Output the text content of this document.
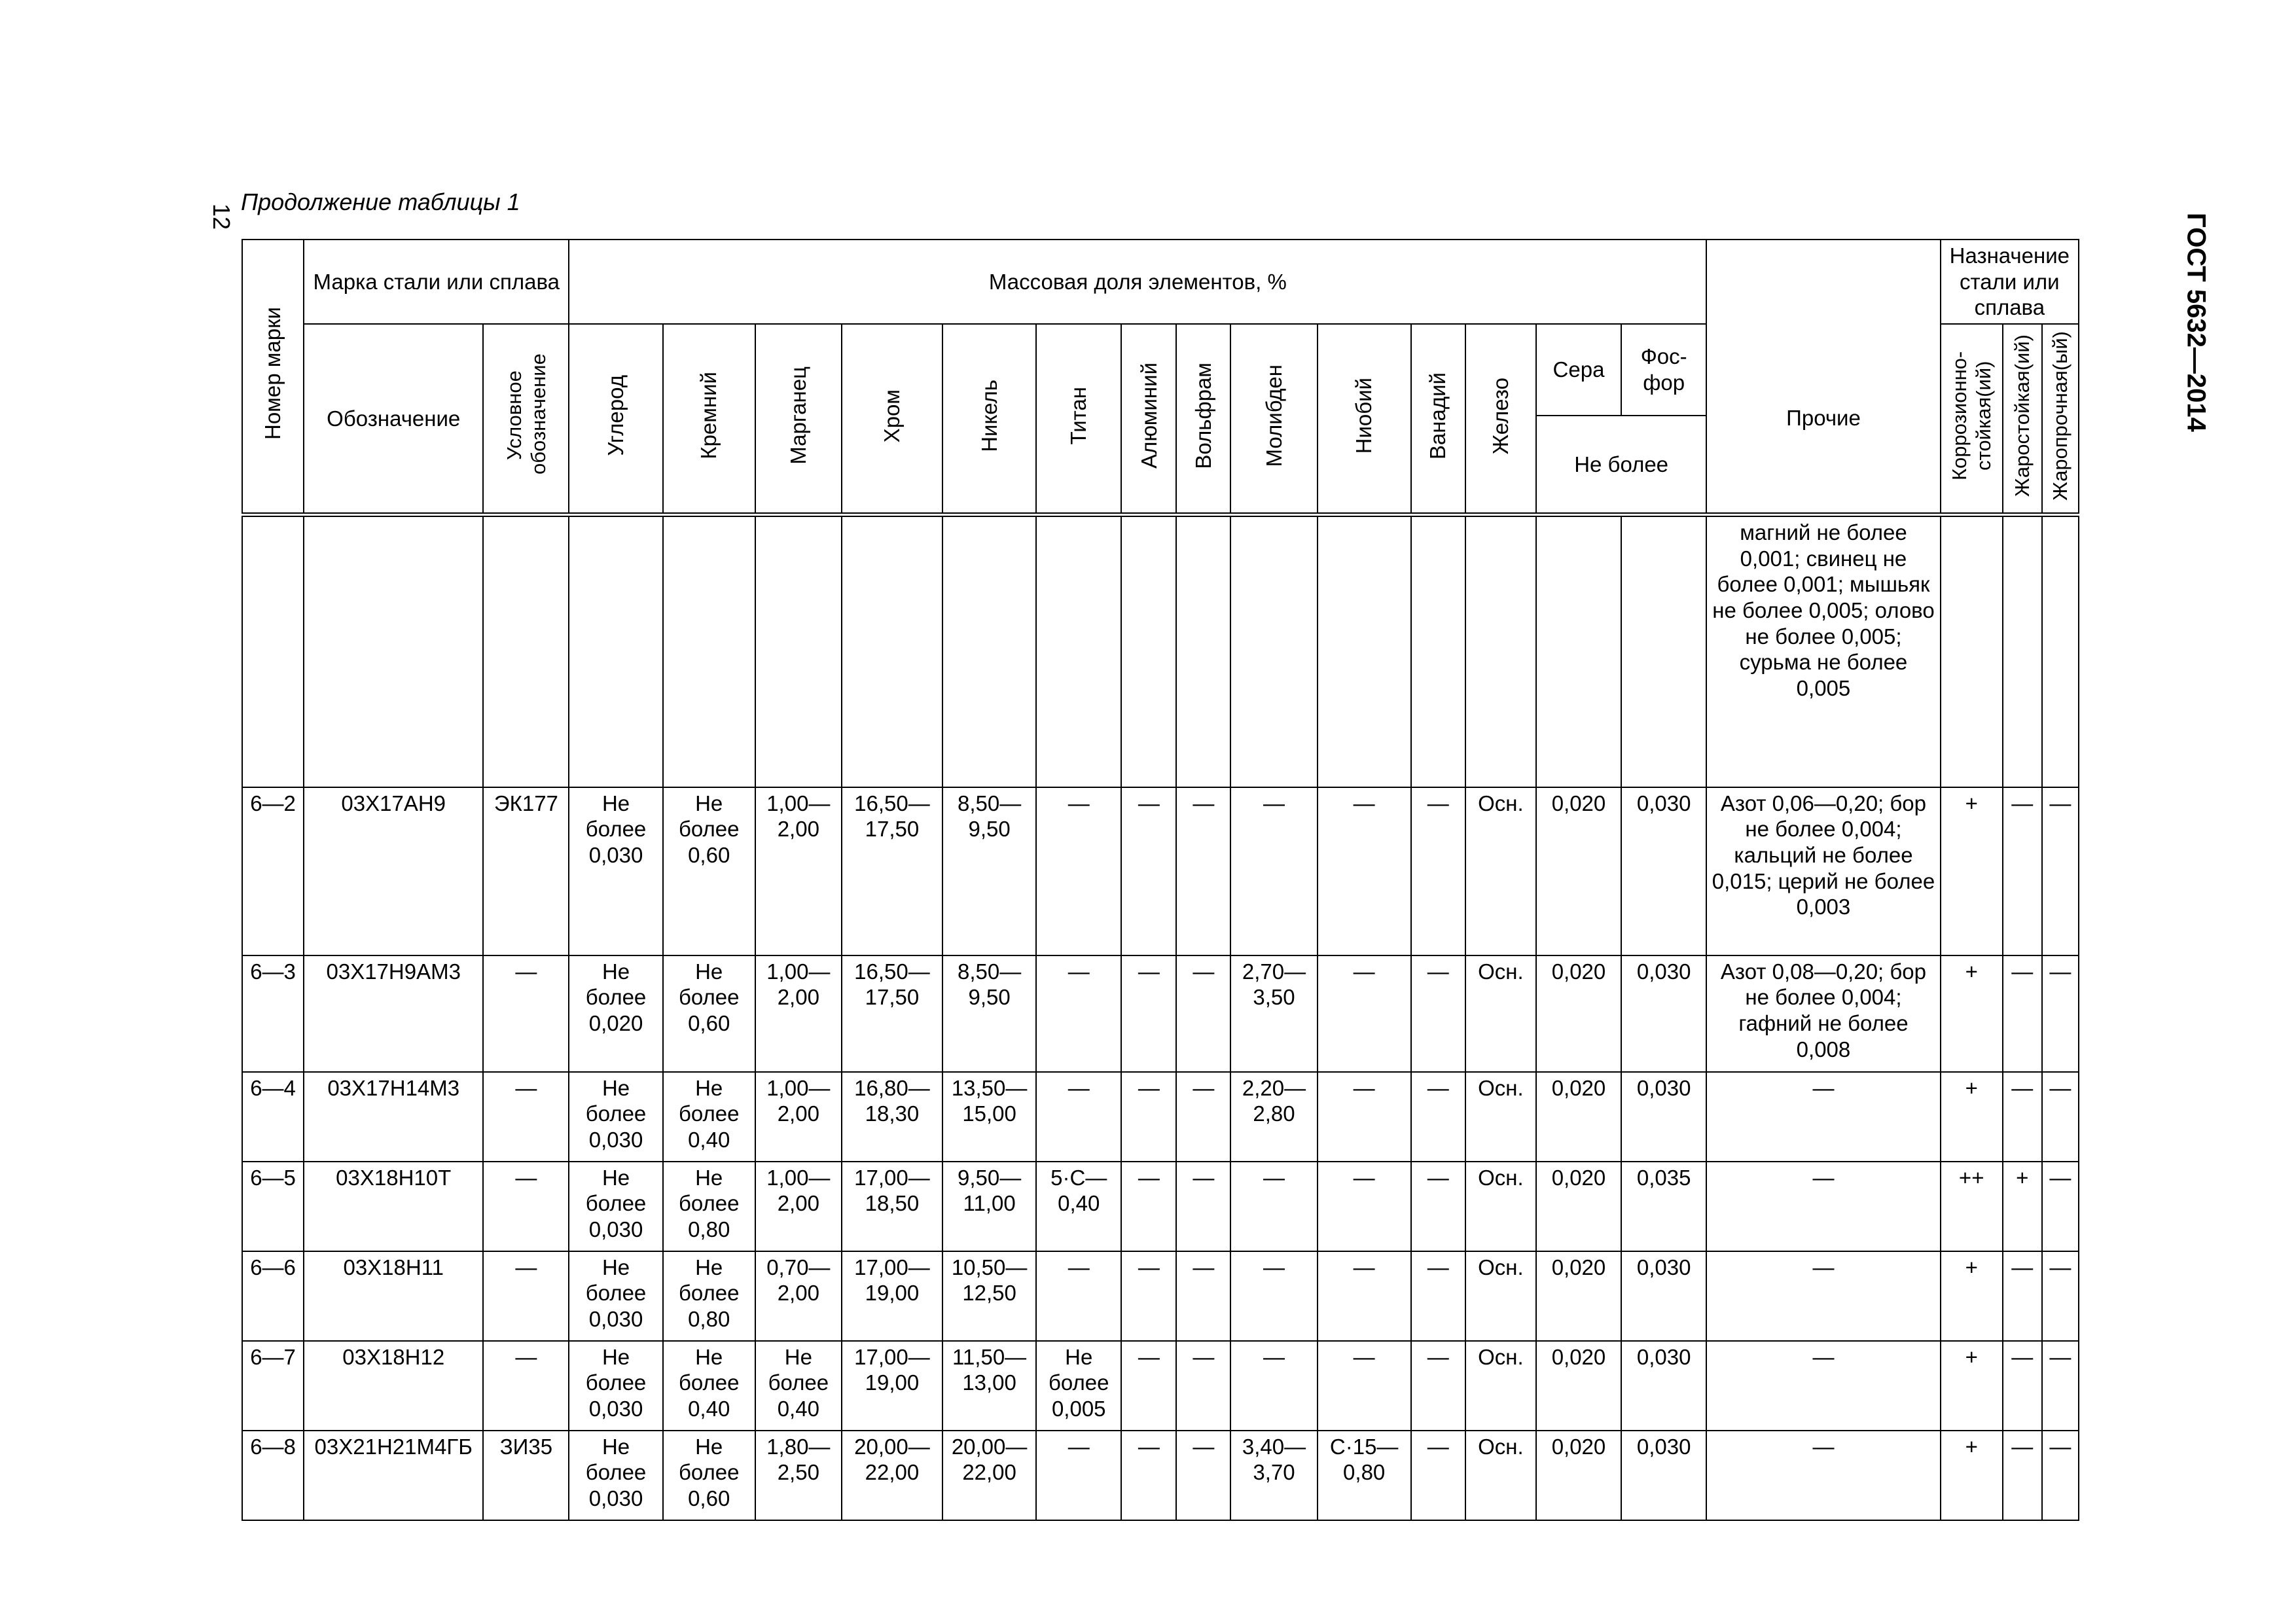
12
Продолжение таблицы 1
ГОСТ 5632—2014
Номер марки	Марка стали или сплава		Массовая доля элементов, %															Назначение стали или сплава		
	Обозначение	Условное обозначение	Углерод	Кремний	Марганец	Хром	Никель	Титан	Алюминий	Вольфрам	Молибден	Ниобий	Ванадий	Железо	Сера	Фос-фор	Прочие	Коррозионно-стойкая(ий)	Жаростойкая(ий)	Жаропрочная(ый)
															Не более					
																	магний не более 0,001; свинец не более 0,001; мышьяк не более 0,005; олово не более 0,005; сурьма не более 0,005			
6—2	03Х17АН9	ЭК177	Не более 0,030	Не более 0,60	1,00—2,00	16,50—17,50	8,50—9,50	—	—	—	—	—	—	Осн.	0,020	0,030	Азот 0,06—0,20; бор не более 0,004; кальций не более 0,015; церий не более 0,003	+	—	—
6—3	03Х17Н9АМ3	—	Не более 0,020	Не более 0,60	1,00—2,00	16,50—17,50	8,50—9,50	—	—	—	2,70—3,50	—	—	Осн.	0,020	0,030	Азот 0,08—0,20; бор не более 0,004; гафний не более 0,008	+	—	—
6—4	03Х17Н14М3	—	Не более 0,030	Не более 0,40	1,00—2,00	16,80—18,30	13,50—15,00	—	—	—	2,20—2,80	—	—	Осн.	0,020	0,030	—	+	—	—
6—5	03Х18Н10Т	—	Не более 0,030	Не более 0,80	1,00—2,00	17,00—18,50	9,50—11,00	5·С—0,40	—	—	—	—	—	Осн.	0,020	0,035	—	++	+	—
6—6	03Х18Н11	—	Не более 0,030	Не более 0,80	0,70—2,00	17,00—19,00	10,50—12,50	—	—	—	—	—	—	Осн.	0,020	0,030	—	+	—	—
6—7	03Х18Н12	—	Не более 0,030	Не более 0,40	Не более 0,40	17,00—19,00	11,50—13,00	Не более 0,005	—	—	—	—	—	Осн.	0,020	0,030	—	+	—	—
6—8	03Х21Н21М4ГБ	ЗИ35	Не более 0,030	Не более 0,60	1,80—2,50	20,00—22,00	20,00—22,00	—	—	—	3,40—3,70	С·15—0,80	—	Осн.	0,020	0,030	—	+	—	—
